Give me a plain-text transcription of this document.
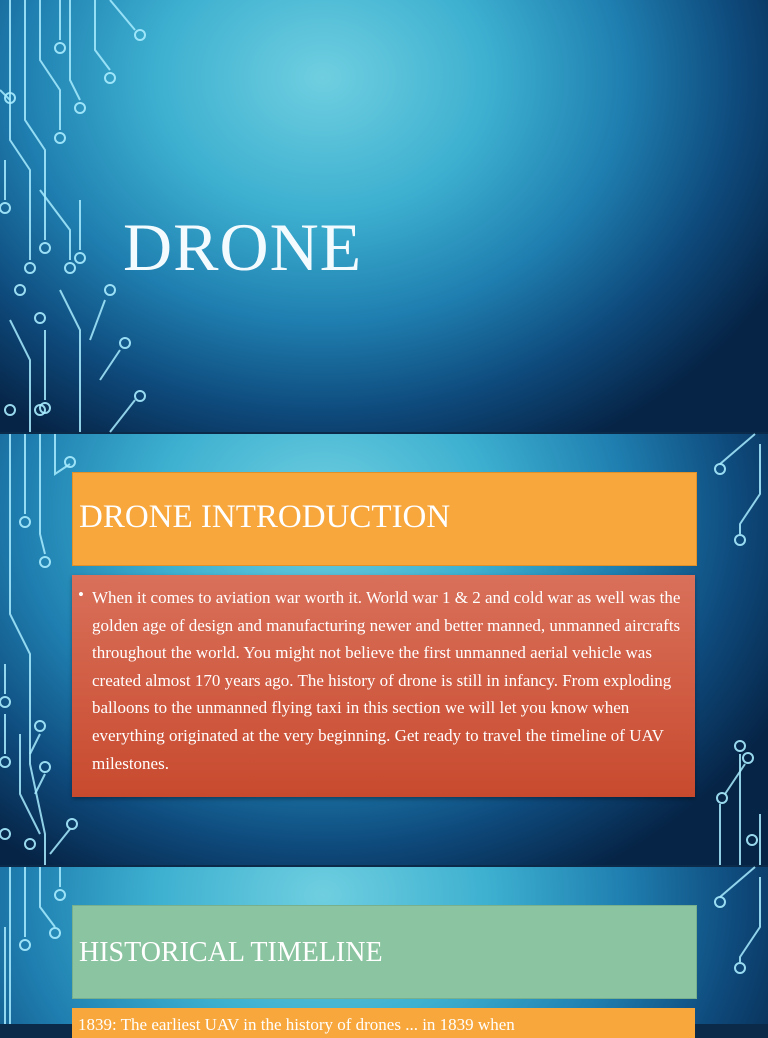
DRONE
DRONE INTRODUCTION
• When it comes to aviation war worth it. World war 1 & 2 and cold war as well was the golden age of design and manufacturing newer and better manned, unmanned aircrafts throughout the world. You might not believe the first unmanned aerial vehicle was created almost 170 years ago. The history of drone is still in infancy. From exploding balloons to the unmanned flying taxi in this section we will let you know when everything originated at the very beginning. Get ready to travel the timeline of UAV milestones.

HISTORICAL TIMELINE
1839: The earliest UAV in the history of drones ... in 1839 when
